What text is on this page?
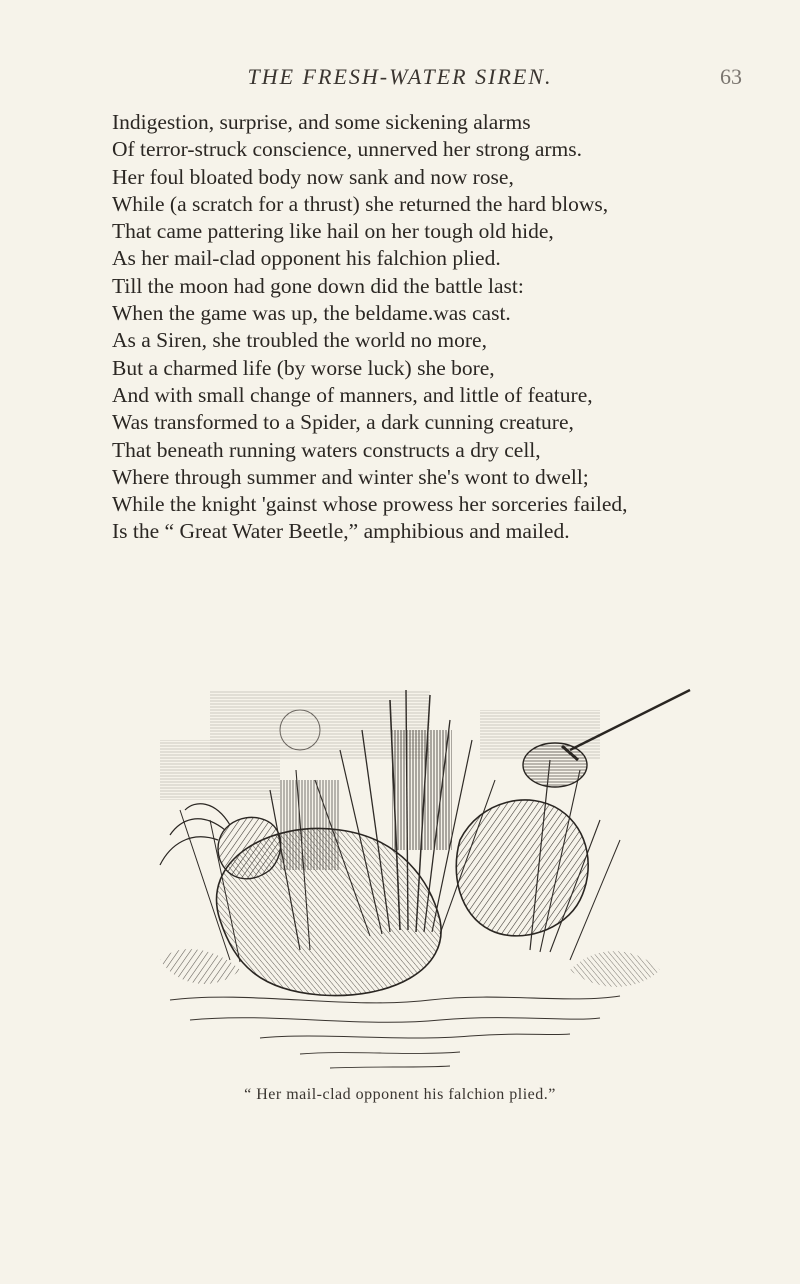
THE FRESH-WATER SIREN.	63
Indigestion, surprise, and some sickening alarms
Of terror-struck conscience, unnerved her strong arms.
Her foul bloated body now sank and now rose,
While (a scratch for a thrust) she returned the hard blows,
That came pattering like hail on her tough old hide,
As her mail-clad opponent his falchion plied.
Till the moon had gone down did the battle last:
When the game was up, the beldame.was cast.
As a Siren, she troubled the world no more,
But a charmed life (by worse luck) she bore,
And with small change of manners, and little of feature,
Was transformed to a Spider, a dark cunning creature,
That beneath running waters constructs a dry cell,
Where through summer and winter she's wont to dwell;
While the knight 'gainst whose prowess her sorceries failed,
Is the “ Great Water Beetle,” amphibious and mailed.
“ Her mail-clad opponent his falchion plied.”
